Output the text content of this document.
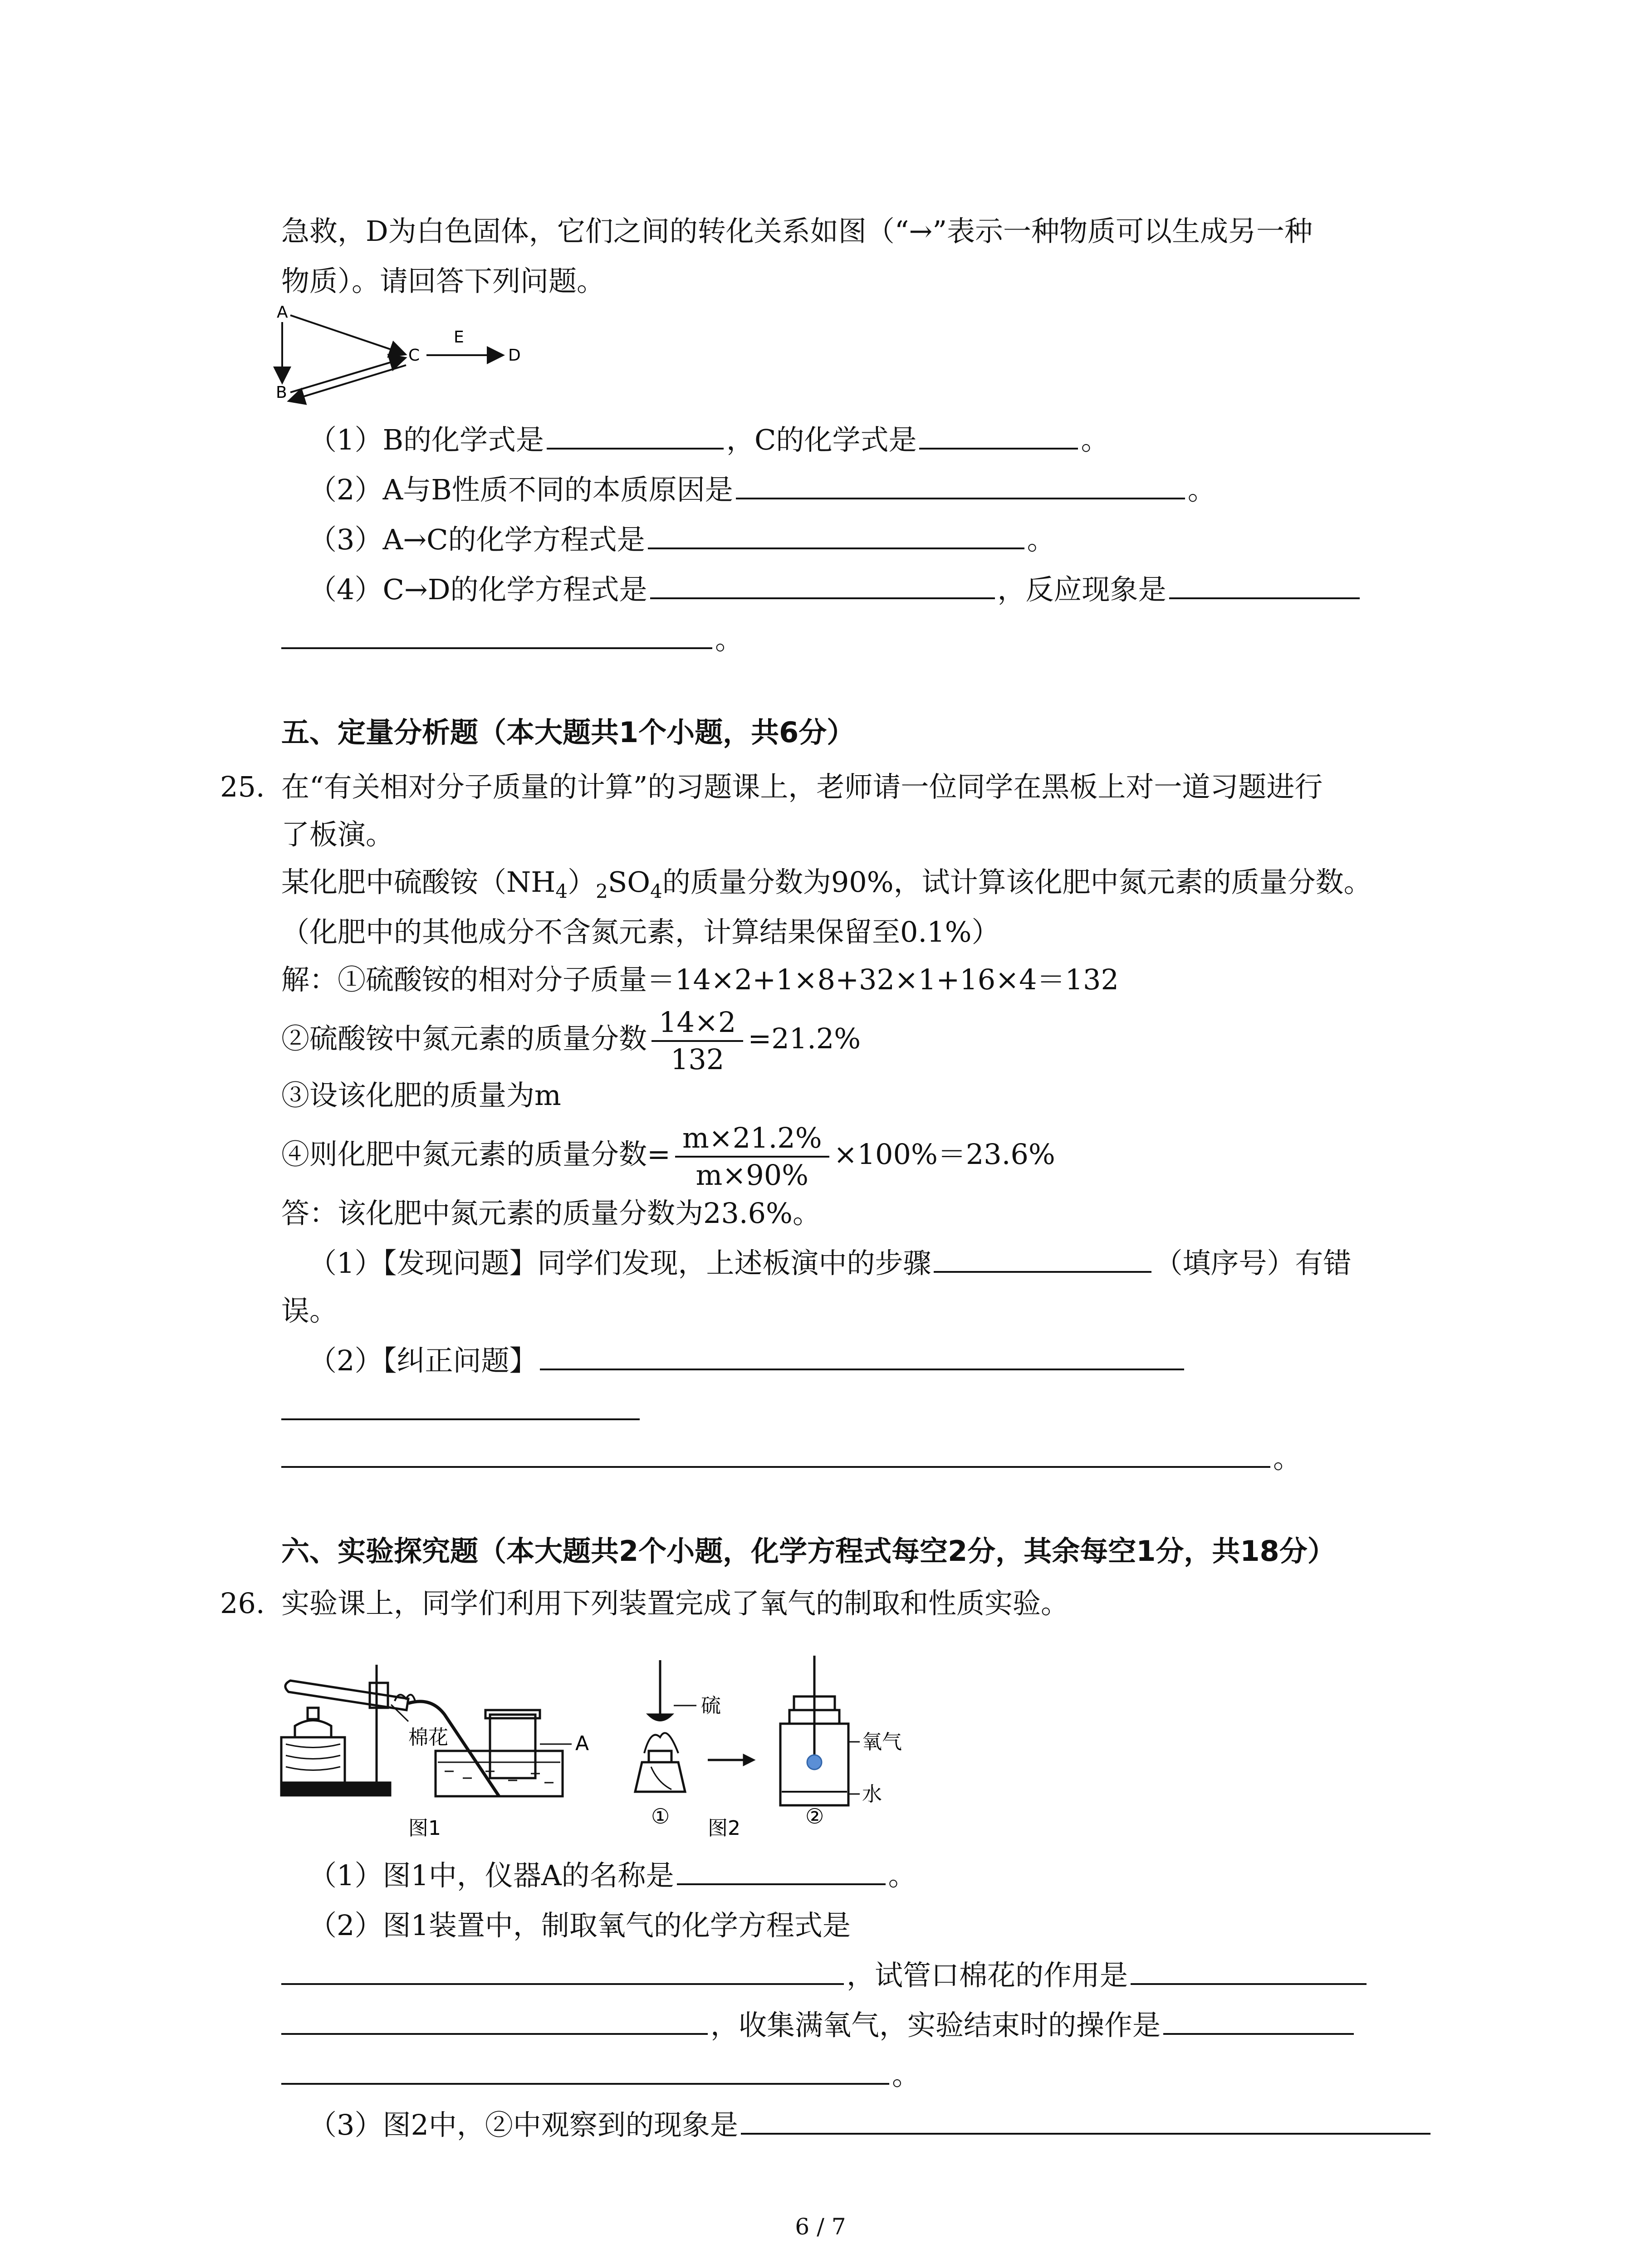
急救，D为白色固体，它们之间的转化关系如图（“→”表示一种物质可以生成另一种
物质）。请回答下列问题。
A
B
C
E
D
（1）B的化学式是	，C的化学式是	。
（2）A与B性质不同的本质原因是	。
（3）A→C的化学方程式是	。
（4）C→D的化学方程式是	，反应现象是
。
五、定量分析题（本大题共1个小题，共6分）
25. 在“有关相对分子质量的计算”的习题课上，老师请一位同学在黑板上对一道习题进行
了板演。
某化肥中硫酸铵$(NH_4)_2SO_4$的质量分数为90%，试计算该化肥中氮元素的质量分数。
（化肥中的其他成分不含氮元素，计算结果保留至0.1%）
解：①硫酸铵的相对分子质量＝14×2+1×8+32×1+16×4＝132
②硫酸铵中氮元素的质量分数 $\frac{14\times 2}{132} =21.2\%$
③设该化肥的质量为m
④则化肥中氮元素的质量分数= $\frac{m\times 21.2\%}{m\times 90\%} \times 100\%=23.6\%$
答：该化肥中氮元素的质量分数为23.6%。
（1）【发现问题】同学们发现，上述板演中的步骤	（填序号）有错
误。
（2）【纠正问题】
。
六、实验探究题（本大题共2个小题，化学方程式每空2分，其余每空1分，共18分）
26. 实验课上，同学们利用下列装置完成了氧气的制取和性质实验。
棉花	A
图1
硫
氧气
水
①	②
图2
（1）图1中，仪器A的名称是	。
（2）图1装置中，制取氧气的化学方程式是
，试管口棉花的作用是
，收集满氧气，实验结束时的操作是
。
（3）图2中，②中观察到的现象是
6 / 7
